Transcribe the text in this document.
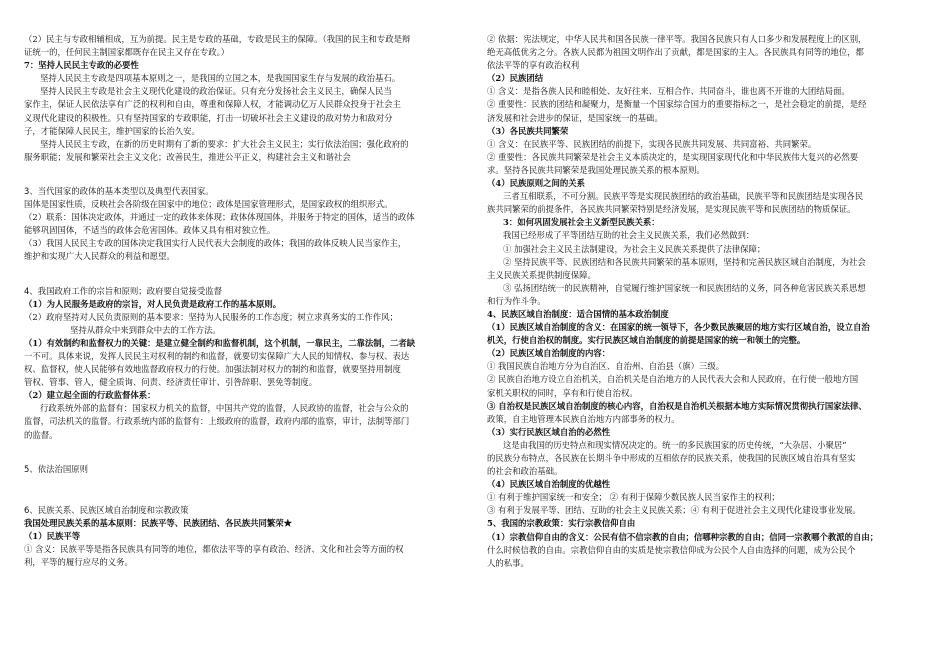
（2）民主与专政相辅相成，互为前提。民主是专政的基础，专政是民主的保障。（我国的民主和专政是辩

证统一的，任何民主制国家都既存在民主又存在专政。）

7：坚持人民民主专政的必要性

坚持人民民主专政是四项基本原则之一，是我国的立国之本，是我国国家生存与发展的政治基石。

坚持人民民主专政是社会主义现代化建设的政治保证。只有充分发扬社会主义民主，确保人民当

家作主，保证人民依法享有广泛的权利和自由，尊重和保障人权，才能调动亿万人民群众投身于社会主

义现代化建设的积极性。只有坚持国家的专政职能，打击一切破坏社会主义建设的敌对势力和敌对分

子，才能保障人民民主，维护国家的长治久安。

坚持人民民主专政，在新的历史时期有了新的要求：扩大社会主义民主；实行依法治国；强化政府的

服务职能；发展和繁荣社会主义文化；改善民生，推进公平正义，构建社会主义和谐社会

3、当代国家的政体的基本类型以及典型代表国家。

国体是国家性质，反映社会各阶级在国家中的地位；政体是国家管理形式，是国家政权的组织形式。

（2）联系：国体决定政体，并通过一定的政体来体现；政体体现国体，并服务于特定的国体，适当的政体

能够巩固国体，不适当的政体会危害国体。政体又具有相对独立性。

（3）我国人民民主专政的国体决定我国实行人民代表大会制度的政体；我国的政体反映人民当家作主，

维护和实现广大人民群众的利益和愿望。

4、我国政府工作的宗旨和原则；政府要自觉接受监督

（1）为人民服务是政府的宗旨，对人民负责是政府工作的基本原则。

（2）政府坚持对人民负责原则的基本要求：坚持为人民服务的工作态度；树立求真务实的工作作风；

坚持从群众中来到群众中去的工作方法。

（1）有效制约和监督权力的关键：是建立健全制约和监督机制，这个机制，一靠民主，二靠法制，二者缺

一不可。具体来说，发挥人民民主对权利的制约和监督，就要切实保障广大人民的知情权、参与权、表达

权、监督权，使人民能够有效地监督政府权力的行使。加强法制对权力的制约和监督，就要坚持用制度

管权、管事、管人，健全质询、问责、经济责任审计、引咎辞职、罢免等制度。

（2）建立起全面的行政监督体系：

行政系统外部的监督有：国家权力机关的监督，中国共产党的监督，人民政协的监督，社会与公众的

监督，司法机关的监督。行政系统内部的监督有：上级政府的监督，政府内部的监察，审计，法制等部门

的监督。

5、依法治国原则

6、民族关系、民族区域自治制度和宗教政策

我国处理民族关系的基本原则：民族平等、民族团结、各民族共同繁荣★

（1）民族平等

① 含义：民族平等是指各民族具有同等的地位，都依法平等的享有政治、经济、文化和社会等方面的权

利，平等的履行应尽的义务。

② 依据：宪法规定，中华人民共和国各民族一律平等。我国各民族只有人口多少和发展程度上的区别，

绝无高低优劣之分。各族人民都为祖国文明作出了贡献，都是国家的主人。各民族具有同等的地位，都

依法平等的享有政治权利

（2）民族团结

① 含义：是指各族人民和睦相处、友好往来、互相合作、共同奋斗，谁也离不开谁的大团结局面。

② 重要性：民族的团结和凝聚力，是衡量一个国家综合国力的重要指标之一，是社会稳定的前提，是经

济发展和社会进步的保证，是国家统一的基础。

（3）各民族共同繁荣

① 含义：在民族平等、民族团结的前提下，实现各民族共同发展、共同富裕、共同繁荣。

② 重要性：各民族共同繁荣是社会主义本质决定的，是实现国家现代化和中华民族伟大复兴的必然要

求。坚持各民族共同繁荣是我国处理民族关系的根本原则。

（4）民族原则之间的关系

三者互相联系，不可分割。民族平等是实现民族团结的政治基础，民族平等和民族团结是实现各民

族共同繁荣的前提条件，各民族共同繁荣特别是经济发展，是实现民族平等和民族团结的物质保证。

3：如何巩固发展社会主义新型民族关系：

我国已经形成了平等团结互助的社会主义民族关系，我们必然做到：

① 加强社会主义民主法制建设，为社会主义民族关系提供了法律保障；

② 坚持民族平等、民族团结和各民族共同繁荣的基本原则，坚持和完善民族区域自治制度，为社会

主义民族关系提供制度保障。

③ 弘扬团结统一的民族精神，自觉履行维护国家统一和民族团结的义务，同各种危害民族关系思想

和行为作斗争。

4、民族区域自治制度：适合国情的基本政治制度

（1）民族区域自治制度的含义：在国家的统一领导下，各少数民族聚居的地方实行区域自治，设立自治

机关，行使自治权的制度。实行民族区域自治制度的前提是国家的统一和领土的完整。

（2）民族区域自治制度的内容：

① 我国民族自治地方分为自治区、自治州、自治县（旗）三级。

② 民族自治地方设立自治机关，自治机关是自治地方的人民代表大会和人民政府，在行使一般地方国

家机关职权的同时，享有和行使自治权。

③ 自治权是民族区域自治制度的核心内容，自治权是自治机关根据本地方实际情况贯彻执行国家法律、

政策，自主地管理本民族自治地方内部事务的权力。

（3）实行民族区域自治的必然性

这是由我国的历史特点和现实情况决定的。统一的多民族国家的历史传统，“大杂居、小聚居”

的民族分布特点，各民族在长期斗争中形成的互相依存的民族关系，使我国的民族区域自治具有坚实

的社会和政治基础。

（4）民族区域自治制度的优越性

① 有利于维护国家统一和安全； ② 有利于保障少数民族人民当家作主的权利；

③ 有利于发展平等、团结、互助的社会主义民族关系；④ 有利于促进社会主义现代化建设事业发展。

5、我国的宗教政策：实行宗教信仰自由

（1）宗教信仰自由的含义：公民有信不信宗教的自由；信哪种宗教的自由；信同一宗教哪个教派的自由；

什么时候信教的自由。宗教信仰自由的实质是使宗教信仰成为公民个人自由选择的问题，成为公民个

人的私事。
